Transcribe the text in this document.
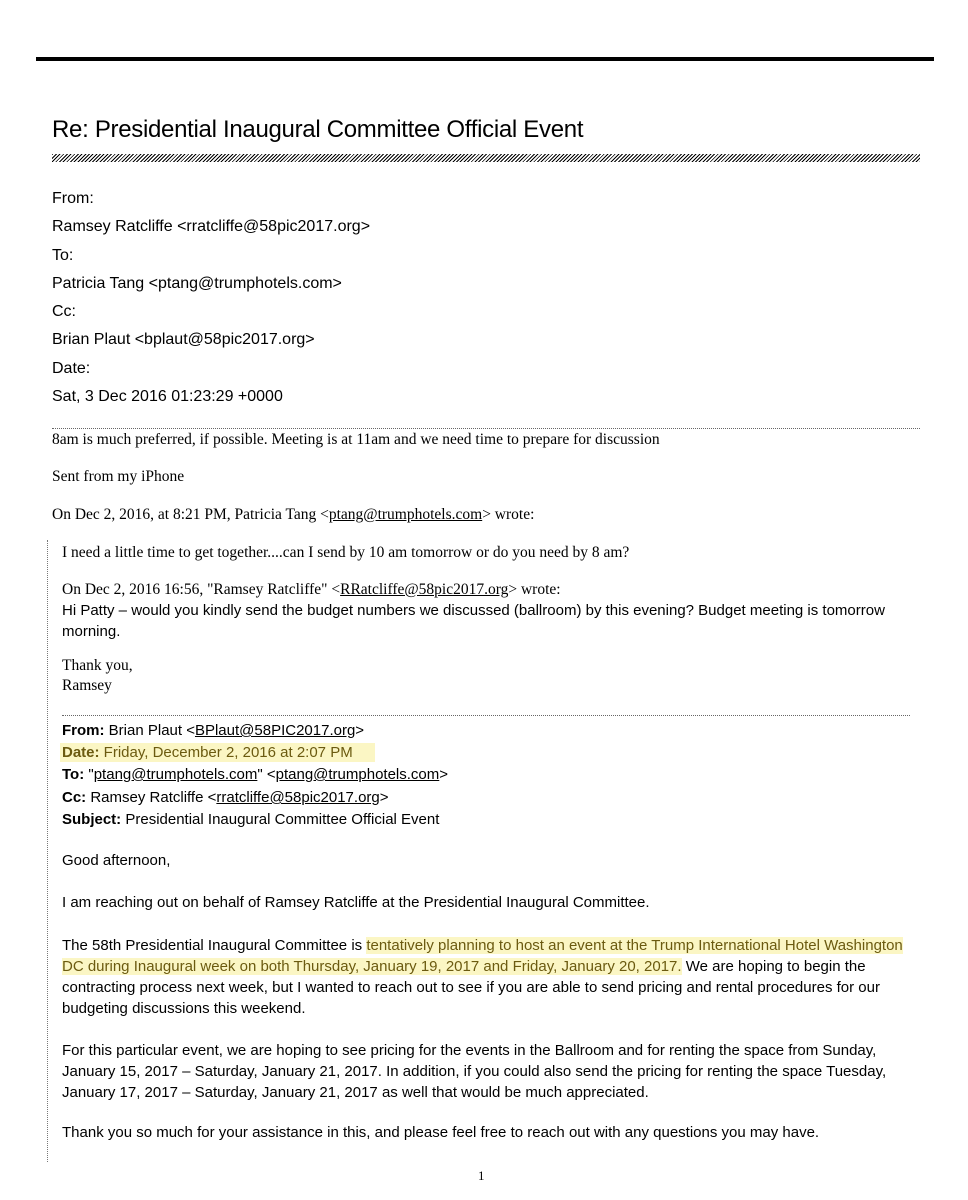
Re: Presidential Inaugural Committee Official Event
From:
Ramsey Ratcliffe <rratcliffe@58pic2017.org>
To:
Patricia Tang <ptang@trumphotels.com>
Cc:
Brian Plaut <bplaut@58pic2017.org>
Date:
Sat, 3 Dec 2016 01:23:29 +0000
8am is much preferred, if possible. Meeting is at 11am and we need time to prepare for discussion
Sent from my iPhone
On Dec 2, 2016, at 8:21 PM, Patricia Tang <ptang@trumphotels.com> wrote:
I need a little time to get together....can I send by 10 am tomorrow or do you need by 8 am?
On Dec 2, 2016 16:56, "Ramsey Ratcliffe" <RRatcliffe@58pic2017.org> wrote:
Hi Patty – would you kindly send the budget numbers we discussed (ballroom) by this evening? Budget meeting is tomorrow morning.
Thank you,
Ramsey
From: Brian Plaut <BPlaut@58PIC2017.org>
Date: Friday, December 2, 2016 at 2:07 PM
To: "ptang@trumphotels.com" <ptang@trumphotels.com>
Cc: Ramsey Ratcliffe <rratcliffe@58pic2017.org>
Subject: Presidential Inaugural Committee Official Event
Good afternoon,
I am reaching out on behalf of Ramsey Ratcliffe at the Presidential Inaugural Committee.
The 58th Presidential Inaugural Committee is tentatively planning to host an event at the Trump International Hotel Washington DC during Inaugural week on both Thursday, January 19, 2017 and Friday, January 20, 2017. We are hoping to begin the contracting process next week, but I wanted to reach out to see if you are able to send pricing and rental procedures for our budgeting discussions this weekend.
For this particular event, we are hoping to see pricing for the events in the Ballroom and for renting the space from Sunday, January 15, 2017 – Saturday, January 21, 2017. In addition, if you could also send the pricing for renting the space Tuesday, January 17, 2017 – Saturday, January 21, 2017 as well that would be much appreciated.
Thank you so much for your assistance in this, and please feel free to reach out with any questions you may have.
1
